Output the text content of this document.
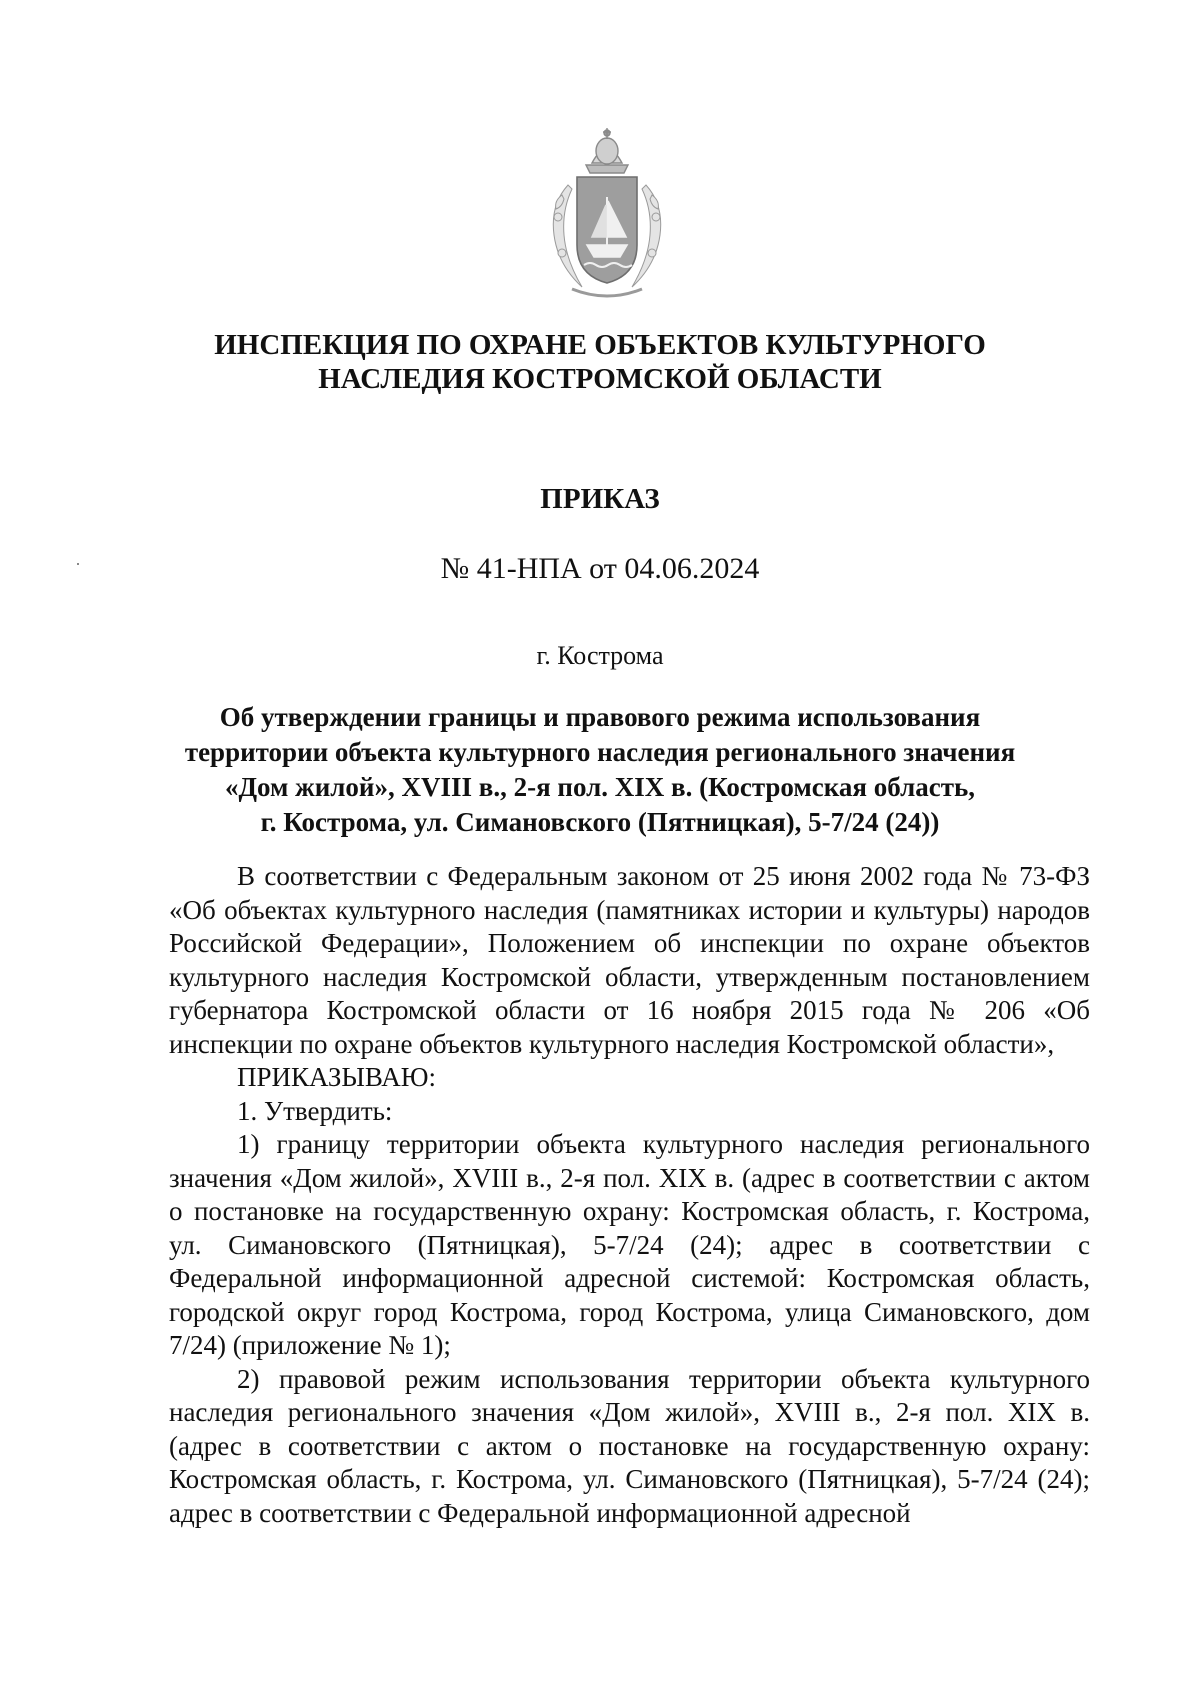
ИНСПЕКЦИЯ ПО ОХРАНЕ ОБЪЕКТОВ КУЛЬТУРНОГО
НАСЛЕДИЯ КОСТРОМСКОЙ ОБЛАСТИ
ПРИКАЗ
№ 41-НПА от 04.06.2024
г. Кострома
Об утверждении границы и правового режима использования
территории объекта культурного наследия регионального значения
«Дом жилой», XVIII в., 2-я пол. XIX в. (Костромская область,
г. Кострома, ул. Симановского (Пятницкая), 5-7/24 (24))

В соответствии с Федеральным законом от 25 июня 2002 года № 73-ФЗ «Об объектах культурного наследия (памятниках истории и культуры) народов Российской Федерации», Положением об инспекции по охране объектов культурного наследия Костромской области, утвержденным постановлением губернатора Костромской области от 16 ноября 2015 года № 206 «Об инспекции по охране объектов культурного наследия Костромской области»,

ПРИКАЗЫВАЮ:

1. Утвердить:

1) границу территории объекта культурного наследия регионального значения «Дом жилой», XVIII в., 2-я пол. XIX в. (адрес в соответствии с актом о постановке на государственную охрану: Костромская область, г. Кострома, ул. Симановского (Пятницкая), 5-7/24 (24); адрес в соответствии с Федеральной информационной адресной системой: Костромская область, городской округ город Кострома, город Кострома, улица Симановского, дом 7/24) (приложение № 1);

2) правовой режим использования территории объекта культурного наследия регионального значения «Дом жилой», XVIII в., 2-я пол. XIX в. (адрес в соответствии с актом о постановке на государственную охрану: Костромская область, г. Кострома, ул. Симановского (Пятницкая), 5-7/24 (24); адрес в соответствии с Федеральной информационной адресной
